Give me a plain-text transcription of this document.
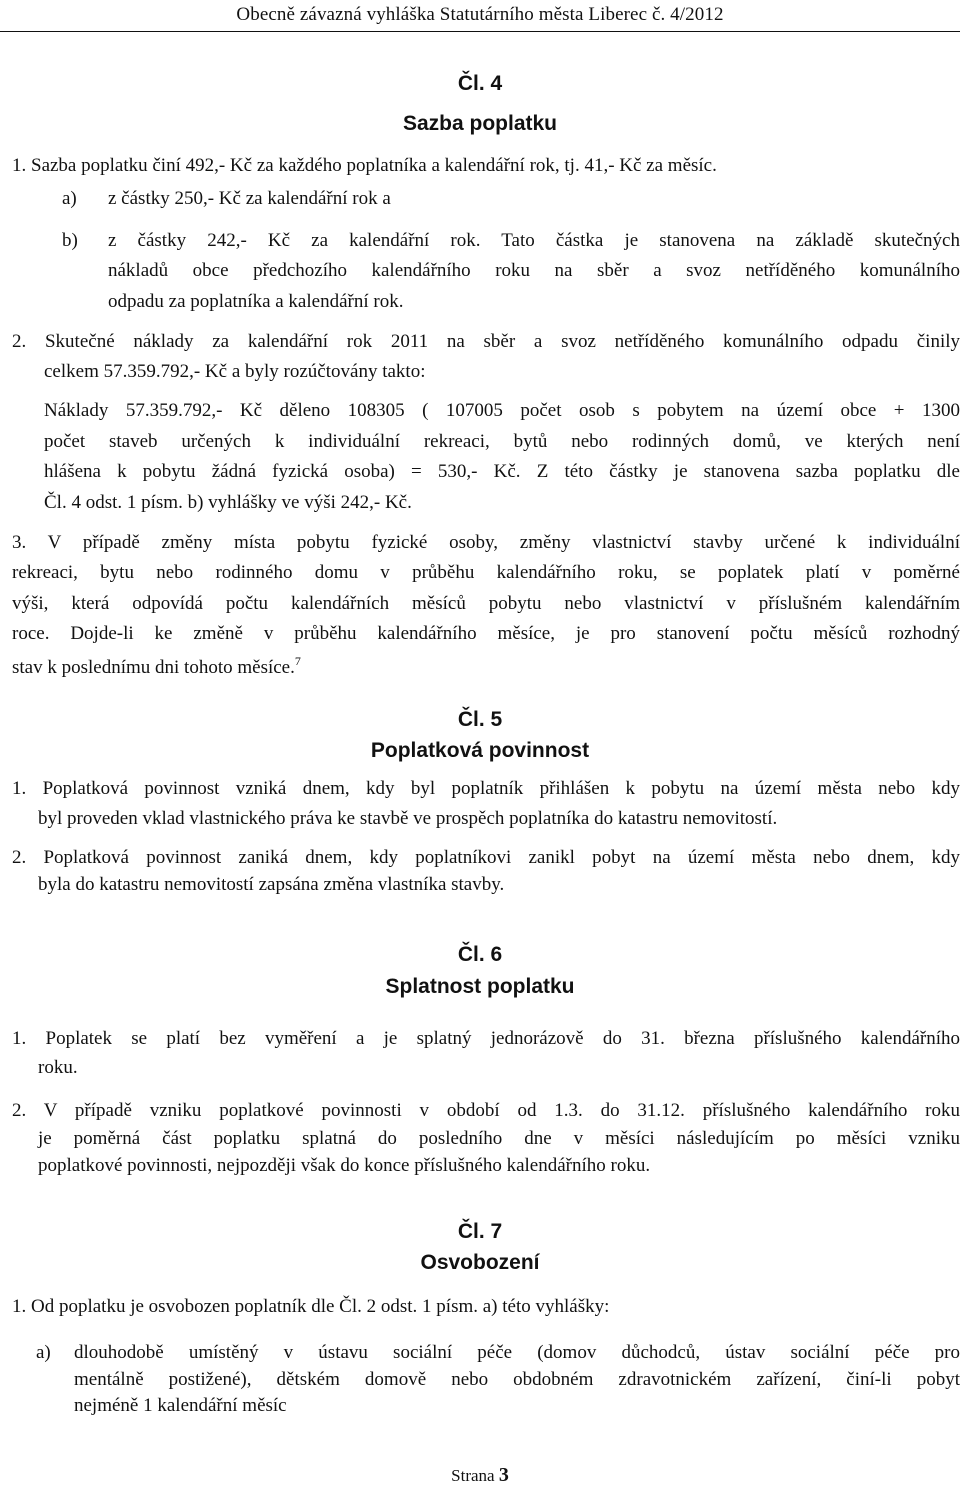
Obecně závazná vyhláška Statutárního města Liberec č. 4/2012
Čl. 4
Sazba poplatku
1. Sazba poplatku činí 492,- Kč za každého poplatníka a kalendářní rok, tj. 41,- Kč za měsíc.
a) z částky 250,- Kč za kalendářní rok a
b) z částky 242,- Kč za kalendářní rok. Tato částka je stanovena na základě skutečných
nákladů obce předchozího kalendářního roku na sběr a svoz netříděného komunálního
odpadu za poplatníka a kalendářní rok.
2. Skutečné náklady za kalendářní rok 2011 na sběr a svoz netříděného komunálního odpadu činily
celkem 57.359.792,- Kč a byly rozúčtovány takto:
Náklady 57.359.792,- Kč děleno 108305 ( 107005 počet osob s pobytem na území obce + 1300
počet staveb určených k individuální rekreaci, bytů nebo rodinných domů, ve kterých není
hlášena k pobytu žádná fyzická osoba) = 530,- Kč. Z této částky je stanovena sazba poplatku dle
Čl. 4 odst. 1 písm. b) vyhlášky ve výši 242,- Kč.
3. V případě změny místa pobytu fyzické osoby, změny vlastnictví stavby určené k individuální
rekreaci, bytu nebo rodinného domu v průběhu kalendářního roku, se poplatek platí v poměrné
výši, která odpovídá počtu kalendářních měsíců pobytu nebo vlastnictví v příslušném kalendářním
roce. Dojde-li ke změně v průběhu kalendářního měsíce, je pro stanovení počtu měsíců rozhodný
stav k poslednímu dni tohoto měsíce.$^7$
Čl. 5
Poplatková povinnost
1. Poplatková povinnost vzniká dnem, kdy byl poplatník přihlášen k pobytu na území města nebo kdy
byl proveden vklad vlastnického práva ke stavbě ve prospěch poplatníka do katastru nemovitostí.
2. Poplatková povinnost zaniká dnem, kdy poplatníkovi zanikl pobyt na území města nebo dnem, kdy
byla do katastru nemovitostí zapsána změna vlastníka stavby.
Čl. 6
Splatnost poplatku
1. Poplatek se platí bez vyměření a je splatný jednorázově do 31. března příslušného kalendářního
roku.
2. V případě vzniku poplatkové povinnosti v období od 1.3. do 31.12. příslušného kalendářního roku
je poměrná část poplatku splatná do posledního dne v měsíci následujícím po měsíci vzniku
poplatkové povinnosti, nejpozději však do konce příslušného kalendářního roku.
Čl. 7
Osvobození
1. Od poplatku je osvobozen poplatník dle Čl. 2 odst. 1 písm. a) této vyhlášky:
a) dlouhodobě umístěný v ústavu sociální péče (domov důchodců, ústav sociální péče pro
mentálně postižené), dětském domově nebo obdobném zdravotnickém zařízení, činí-li pobyt
nejméně 1 kalendářní měsíc
Strana 3
